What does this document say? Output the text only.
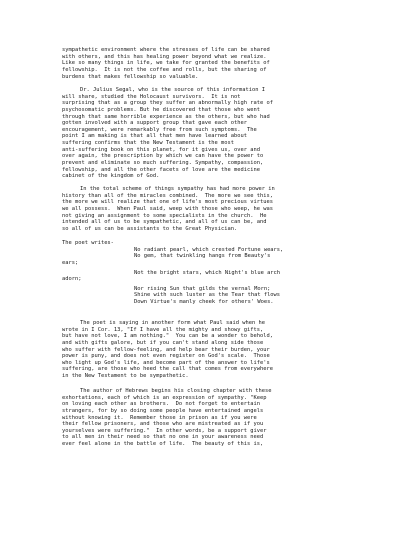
sympathetic environment where the stresses of life can be shared
with others, and this has healing power beyond what we realize.
Like so many things in life, we take for granted the benefits of
fellowship.  It is not the coffee and rolls, but the sharing of
burdens that makes fellowship so valuable.
Dr. Julius Segal, who is the source of this information I
will share, studied the Holocaust survivors.  It is not
surprising that as a group they suffer an abnormally high rate of
psychosomatic problems. But he discovered that those who went
through that same horrible experience as the others, but who had
gotten involved with a support group that gave each other
encouragement, were remarkably free from such symptoms.  The
point I am making is that all that men have learned about
suffering confirms that the New Testament is the most
anti-suffering book on this planet, for it gives us, over and
over again, the prescription by which we can have the power to
prevent and eliminate so much suffering. Sympathy, compassion,
fellowship, and all the other facets of love are the medicine
cabinet of the kingdom of God.
In the total scheme of things sympathy has had more power in
history than all of the miracles combined.  The more we see this,
the more we will realize that one of life's most precious virtues
we all possess.  When Paul said, weep with those who weep, he was
not giving an assignment to some specialists in the church.  He
intended all of us to be sympathetic, and all of us can be, and
so all of us can be assistants to the Great Physician.
The poet writes-
No radiant pearl, which crested Fortune wears,
No gem, that twinkling hangs from Beauty's
ears;
Not the bright stars, which Night's blue arch
adorn;
Nor rising Sun that gilds the vernal Morn;
Shine with such luster as the Tear that flows
Down Virtue's manly cheek for others' Woes.
The poet is saying in another form what Paul said when he
wrote in I Cor. 13, "If I have all the mighty and showy gifts,
but have not love, I am nothing."  You can be a wonder to behold,
and with gifts galore, but if you can't stand along side those
who suffer with fellow-feeling, and help bear their burden, your
power is puny, and does not even register on God's scale.  Those
who light up God's life, and become part of the answer to life's
suffering, are those who heed the call that comes from everywhere
in the New Testament to be sympathetic.
The author of Hebrews begins his closing chapter with these
exhortations, each of which is an expression of sympathy. "Keep
on loving each other as brothers.  Do not forget to entertain
strangers, for by so doing some people have entertained angels
without knowing it.  Remember those in prison as if you were
their fellow prisoners, and those who are mistreated as if you
yourselves were suffering."  In other words, be a support giver
to all men in their need so that no one in your awareness need
ever feel alone in the battle of life.  The beauty of this is,
